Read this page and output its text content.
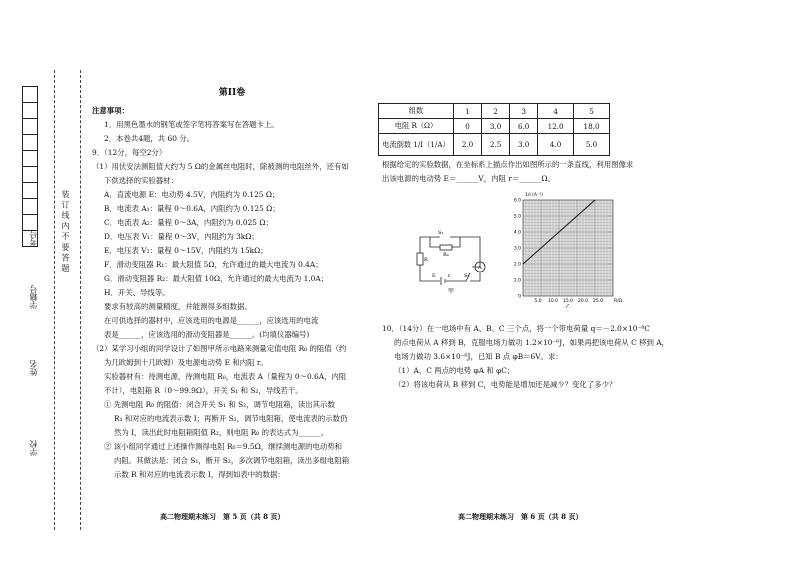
考号
学籍号
姓名
学校
装 订 线 内 不 要 答 题

第II卷

注意事项：

1．用黑色墨水的钢笔或签字笔将答案写在答题卡上。

2．本卷共4题，共 60 分。

9．（12分，每空2分）

（1）用伏安法测阻值大约为 5 Ω的金属丝电阻时，除被测的电阻丝外，还有如

下供选择的实验器材：

A．直流电源 E：电动势 4.5V，内阻约为 0.125 Ω；

B．电流表 A₁：量程 0～0.6A，内阻约为 0.125 Ω；

C．电流表 A₂：量程 0～3A，内阻约为 0.025 Ω；

D．电压表 V₁：量程 0～3V，内阻约为 3kΩ；

E．电压表 V₂：量程 0～15V，内阻约为 15kΩ；

F．滑动变阻器 R₁：最大阻值 5Ω，允许通过的最大电流为 0.4A；

G．滑动变阻器 R₂：最大阻值 10Ω，允许通过的最大电流为 1.0A；

H．开关、导线等。

要求有较高的测量精度，并能测得多组数据。

在可供选择的器材中，应该选用的电源是______，应该选用的电流

表是______，应该选用的滑动变阻器是______。(均填仪器编号)

（2）某学习小组的同学设计了如图甲所示电路来测量定值电阻 R₀ 的阻值（约

为几欧姆到十几欧姆）及电源电动势 E 和内阻 r。

实验器材有：待测电源，待测电阻 R₀，电流表 A（量程为 0～0.6A，内阻

不计），电阻箱 R（0～99.9Ω），开关 S₁ 和 S₂，导线若干。

① 先测电阻 R₀ 的阻值：闭合开关 S₁ 和 S₂，调节电阻箱，读出其示数

R₁ 和对应的电流表示数 I；再断开 S₂，调节电阻箱，使电流表的示数仍

然为 I，读出此时电阻箱阻值 R₂，则电阻 R₀ 的表达式为______。

② 该小组同学通过上述操作测得电阻 R₀＝9.5Ω，继续测电源的电动势和

内阻。其做法是：闭合 S₁，断开 S₂，多次调节电阻箱，读出多组电阻箱

示数 R 和对应的电流表示数 I，得到如表中的数据：

高二物理期末练习　第 5 页（共 8 页）
组数	1	2	3	4	5
电阻 R（Ω）	0	3.0	6.0	12.0	18.0
电流倒数 1/I（1/A）	2.0	2.5	3.0	4.0	5.0

根据给定的实验数据，在坐标系上描点作出如图所示的一条直线，利用图像求

出该电源的电动势 E＝______V，内阻 r＝______Ω。

S₁
R₀
R
A
E r	S₂
甲
6.0
5.0
4.0
3.0
2.0
1.0
0
5.0 10.0 15.0 20.0 25.0
1/I (A⁻¹)
R/Ω
乙

10．（14分）在一电场中有 A、B、C 三个点，将一个带电荷量 q＝－2.0×10⁻⁸C

的点电荷从 A 移到 B，克服电场力做功 1.2×10⁻⁶J，如果再把该电荷从 C 移到 A，

电场力做功 3.6×10⁻⁶J，已知 B 点 φB＝6V。求：

（1）A、C 两点的电势 φA 和 φC；

（2）将该电荷从 B 移到 C，电势能是增加还是减少？变化了多少？

高二物理期末练习　第 6 页（共 8 页）
